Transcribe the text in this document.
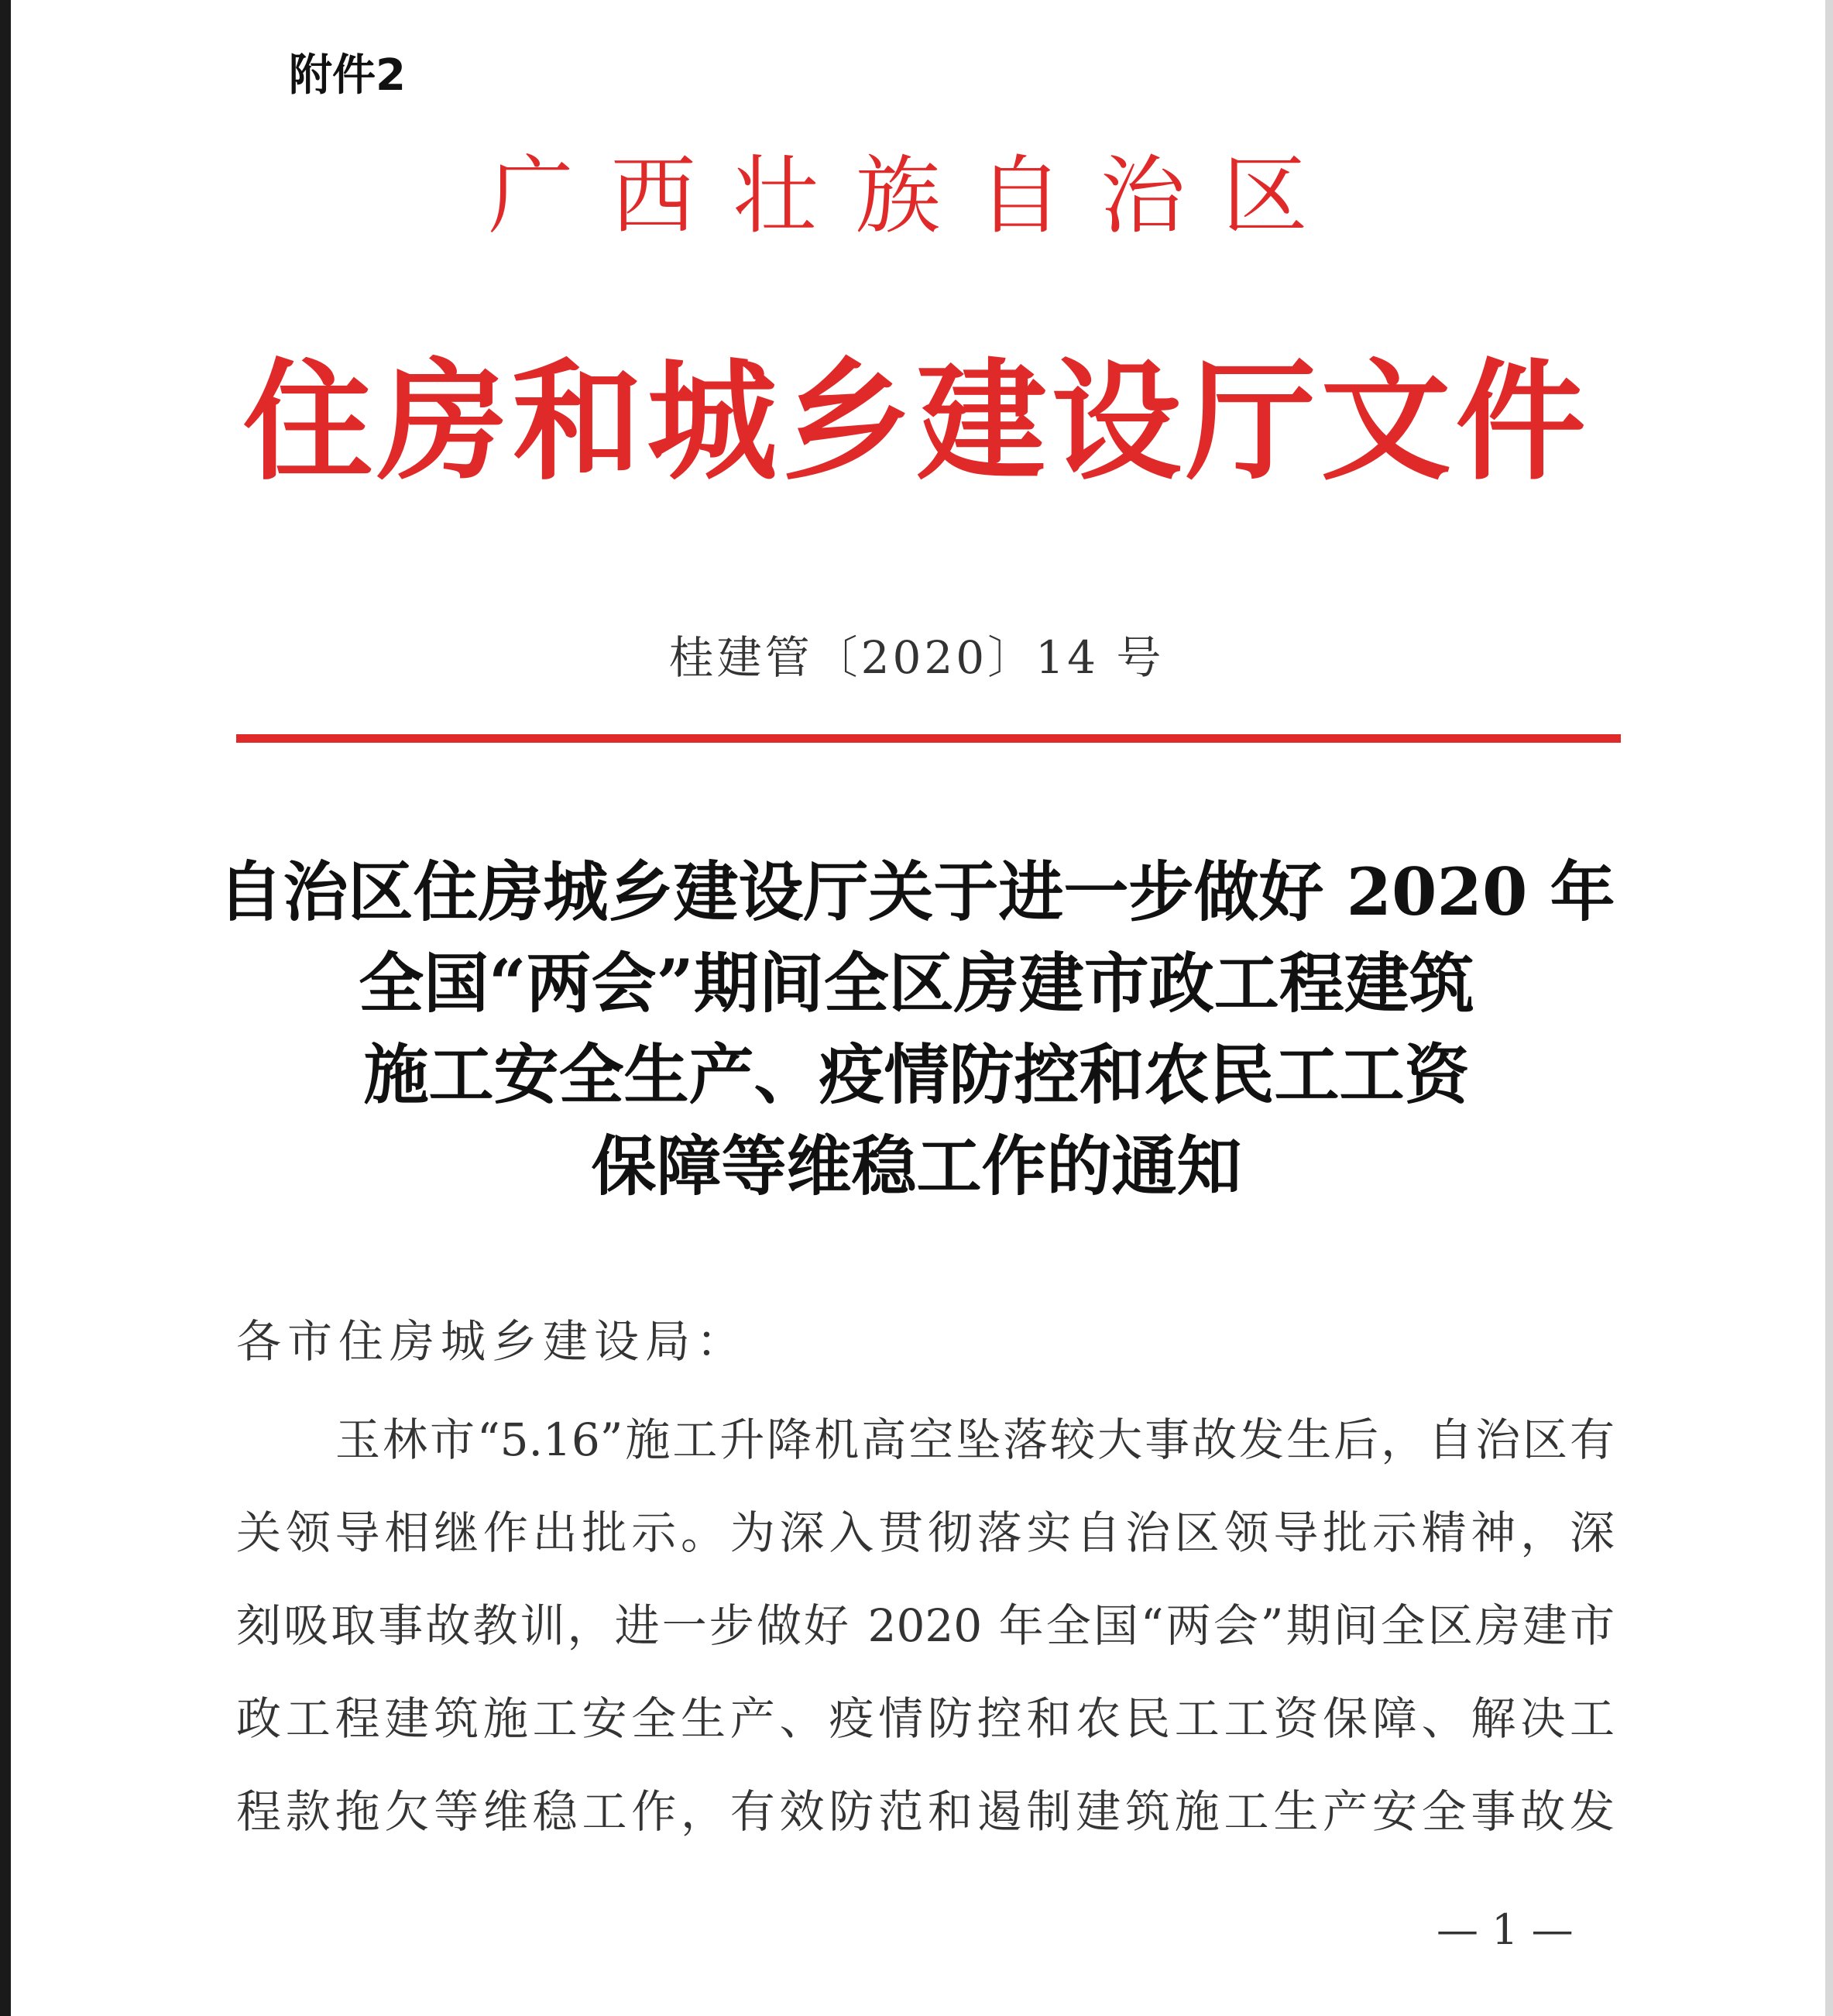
附件2
广西壮族自治区
住房和城乡建设厅文件
桂建管〔2020〕14 号
自治区住房城乡建设厅关于进一步做好 2020 年
全国“两会”期间全区房建市政工程建筑
施工安全生产、疫情防控和农民工工资
保障等维稳工作的通知
各市住房城乡建设局：
玉林市“5.16”施工升降机高空坠落较大事故发生后，自治区有
关领导相继作出批示。为深入贯彻落实自治区领导批示精神，深
刻吸取事故教训，进一步做好 2020 年全国“两会”期间全区房建市
政工程建筑施工安全生产、疫情防控和农民工工资保障、解决工
程款拖欠等维稳工作，有效防范和遏制建筑施工生产安全事故发
— 1 —
